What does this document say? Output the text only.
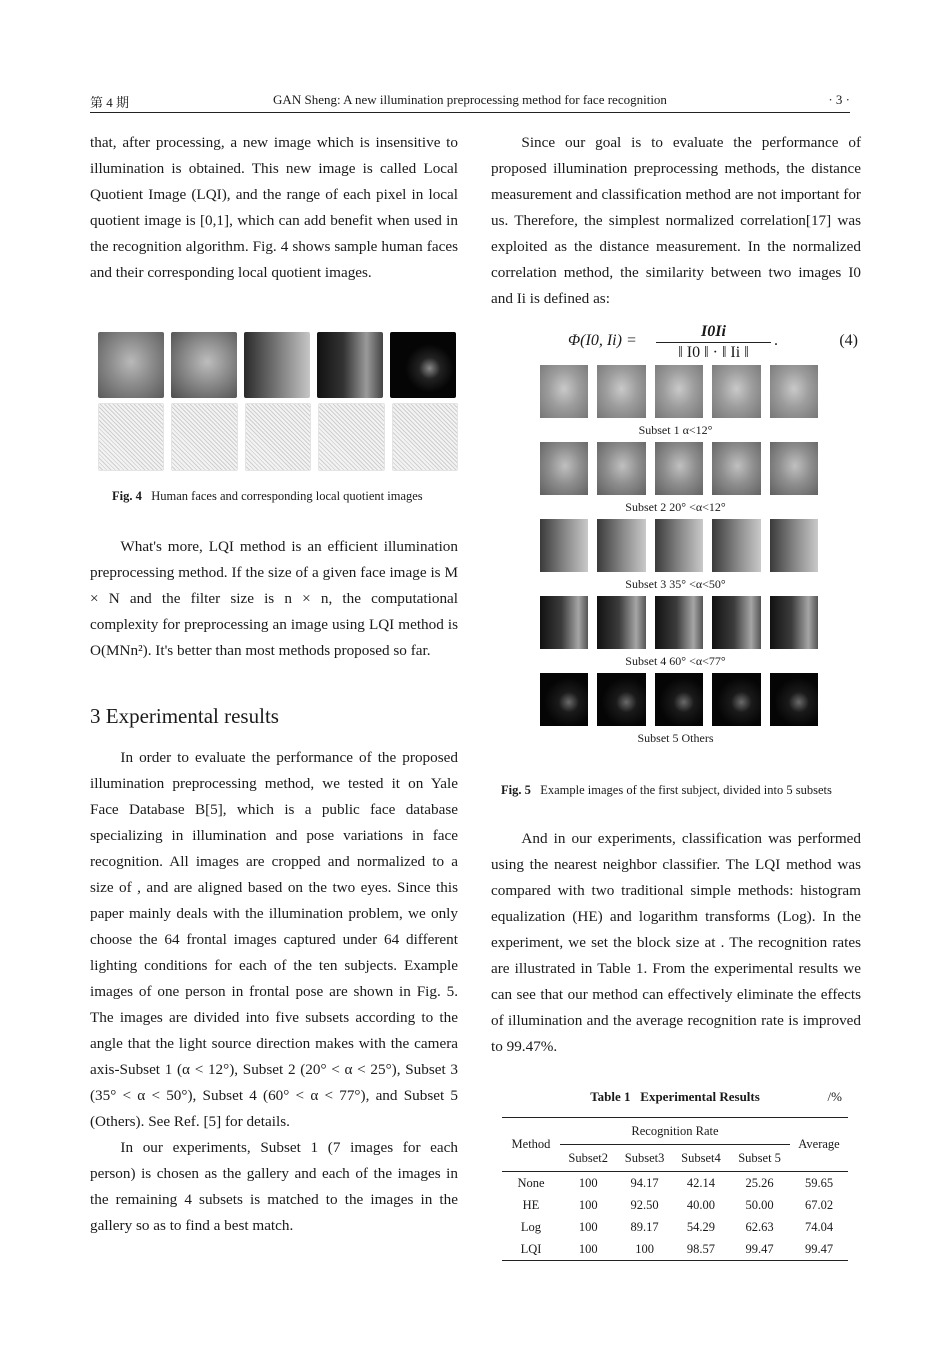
第 4 期	GAN Sheng: A new illumination preprocessing method for face recognition	· 3 ·

that, after processing, a new image which is insensitive to illumination is obtained. This new image is called Local Quotient Image (LQI), and the range of each pixel in local quotient image is [0,1], which can add benefit when used in the recognition algorithm. Fig. 4 shows sample human faces and their corresponding local quotient images.

Fig. 4 Human faces and corresponding local quotient images

What's more, LQI method is an efficient illumination preprocessing method. If the size of a given face image is M × N and the filter size is n × n, the computational complexity for preprocessing an image using LQI method is O(MNn²). It's better than most methods proposed so far.

3 Experimental results

In order to evaluate the performance of the proposed illumination preprocessing method, we tested it on Yale Face Database B[5], which is a public face database specializing in illumination and pose variations in face recognition. All images are cropped and normalized to a size of , and are aligned based on the two eyes. Since this paper mainly deals with the illumination problem, we only choose the 64 frontal images captured under 64 different lighting conditions for each of the ten subjects. Example images of one person in frontal pose are shown in Fig. 5. The images are divided into five subsets according to the angle that the light source direction makes with the camera axis-Subset 1 (α < 12°), Subset 2 (20° < α < 25°), Subset 3 (35° < α < 50°), Subset 4 (60° < α < 77°), and Subset 5 (Others). See Ref. [5] for details.

In our experiments, Subset 1 (7 images for each person) is chosen as the gallery and each of the images in the remaining 4 subsets is matched to the images in the gallery so as to find a best match.

Since our goal is to evaluate the performance of proposed illumination preprocessing methods, the distance measurement and classification method are not important for us. Therefore, the simplest normalized correlation[17] was exploited as the distance measurement. In the normalized correlation method, the similarity between two images I0 and Ii is defined as:

Φ(I0, $Ii) = \frac{I0Ii}{‖ I0 ‖ \cdot ‖ Ii ‖}$ .	(4)
Subset 1 α<12°
Subset 2 20° <α<12°
Subset 3 35° <α<50°
Subset 4 60° <α<77°
Subset 5 Others
Fig. 5 Example images of the first subject, divided into 5 subsets

And in our experiments, classification was performed using the nearest neighbor classifier. The LQI method was compared with two traditional simple methods: histogram equalization (HE) and logarithm transforms (Log). In the experiment, we set the block size at . The recognition rates are illustrated in Table 1. From the experimental results we can see that our method can effectively eliminate the effects of illumination and the average recognition rate is improved to 99.47%.

Table 1 Experimental Results	/%
Method	Recognition Rate				Average
	Subset2	Subset3	Subset4	Subset 5	
None	100	94.17	42.14	25.26	59.65
HE	100	92.50	40.00	50.00	67.02
Log	100	89.17	54.29	62.63	74.04
LQI	100	100	98.57	99.47	99.47
